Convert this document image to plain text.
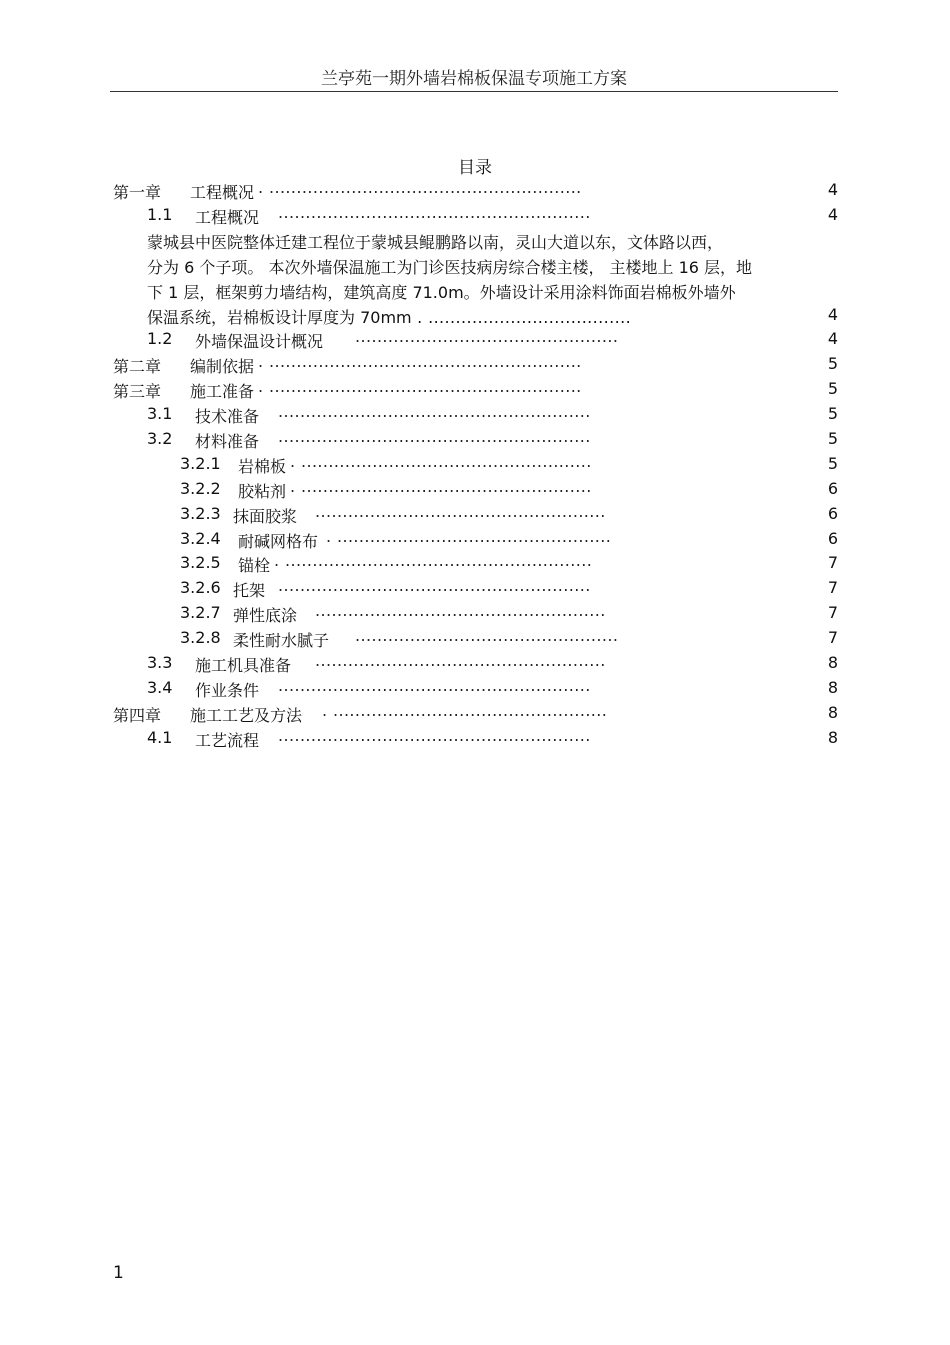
兰亭苑一期外墙岩棉板保温专项施工方案
目录
第一章 工程概况 . .........................................................	4
1.1 工程概况 .........................................................	4
蒙城县中医院整体迁建工程位于蒙城县鲲鹏路以南，灵山大道以东，文体路以西，
分为 6 个子项。 本次外墙保温施工为门诊医技病房综合楼主楼， 主楼地上 16 层，地
下 1 层，框架剪力墙结构，建筑高度 71.0m。外墙设计采用涂料饰面岩棉板外墙外
保温系统，岩棉板设计厚度为 70mm . .....................................	4
1.2 外墙保温设计概况 ................................................	4
第二章 编制依据 . .........................................................	5
第三章 施工准备 . .........................................................	5
3.1 技术准备 .........................................................	5
3.2 材料准备 .........................................................	5
3.2.1 岩棉板 . .....................................................	5
3.2.2 胶粘剂 . .....................................................	6
3.2.3 抹面胶浆 .....................................................	6
3.2.4 耐碱网格布 . ..................................................	6
3.2.5 锚栓 . ........................................................	7
3.2.6 托架 .........................................................	7
3.2.7 弹性底涂 .....................................................	7
3.2.8 柔性耐水腻子 ................................................	7
3.3 施工机具准备 .....................................................	8
3.4 作业条件 .........................................................	8
第四章 施工工艺及方法 . ..................................................	8
4.1 工艺流程 .........................................................	8
1
